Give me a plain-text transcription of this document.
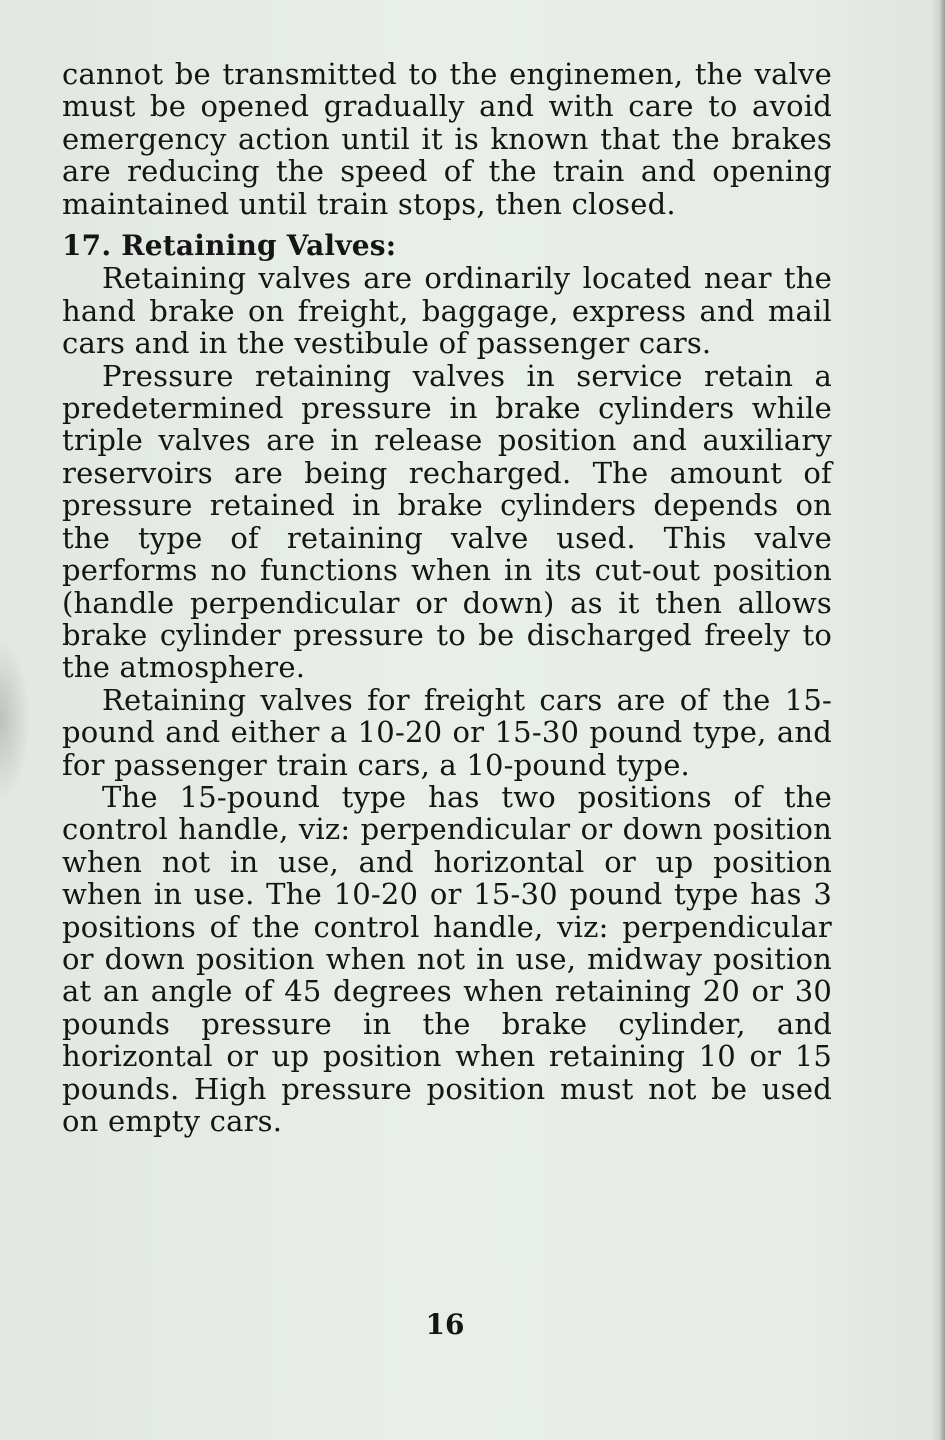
cannot be transmitted to the enginemen, the valve must be opened gradually and with care to avoid emergency action until it is known that the brakes are reducing the speed of the train and opening maintained until train stops, then closed.

17. Retaining Valves:

Retaining valves are ordinarily located near the hand brake on freight, baggage, express and mail cars and in the vestibule of passenger cars.

Pressure retaining valves in service retain a predetermined pressure in brake cylinders while triple valves are in release position and auxiliary reservoirs are being recharged. The amount of pressure retained in brake cylinders depends on the type of retaining valve used. This valve performs no functions when in its cut-out position (handle perpendicular or down) as it then allows brake cylinder pressure to be discharged freely to the atmosphere.

Retaining valves for freight cars are of the 15-pound and either a 10-20 or 15-30 pound type, and for passenger train cars, a 10-pound type.

The 15-pound type has two positions of the control handle, viz: perpendicular or down position when not in use, and horizontal or up position when in use. The 10-20 or 15-30 pound type has 3 positions of the control handle, viz: perpendicular or down position when not in use, midway position at an angle of 45 degrees when retaining 20 or 30 pounds pressure in the brake cylinder, and horizontal or up position when retaining 10 or 15 pounds. High pressure position must not be used on empty cars.

16
